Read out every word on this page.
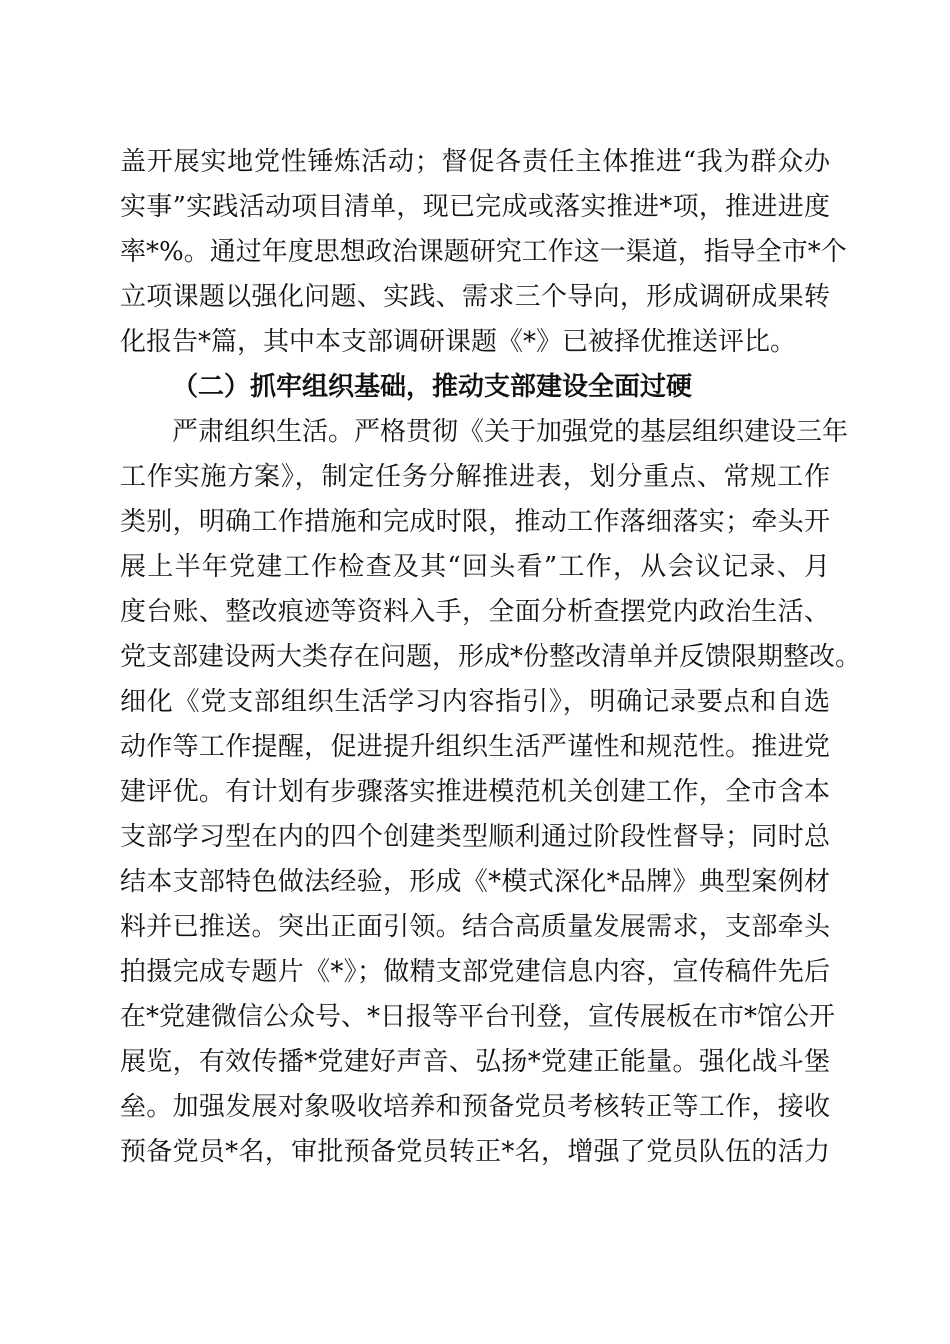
盖开展实地党性锤炼活动；督促各责任主体推进“我为群众办
实事”实践活动项目清单，现已完成或落实推进*项，推进进度
率*%。通过年度思想政治课题研究工作这一渠道，指导全市*个
立项课题以强化问题、实践、需求三个导向，形成调研成果转
化报告*篇，其中本支部调研课题《*》已被择优推送评比。
（二）抓牢组织基础，推动支部建设全面过硬
严肃组织生活。严格贯彻《关于加强党的基层组织建设三年
工作实施方案》，制定任务分解推进表，划分重点、常规工作
类别，明确工作措施和完成时限，推动工作落细落实；牵头开
展上半年党建工作检查及其“回头看”工作，从会议记录、月
度台账、整改痕迹等资料入手，全面分析查摆党内政治生活、
党支部建设两大类存在问题，形成*份整改清单并反馈限期整改。
细化《党支部组织生活学习内容指引》，明确记录要点和自选
动作等工作提醒，促进提升组织生活严谨性和规范性。推进党
建评优。有计划有步骤落实推进模范机关创建工作，全市含本
支部学习型在内的四个创建类型顺利通过阶段性督导；同时总
结本支部特色做法经验，形成《*模式深化*品牌》典型案例材
料并已推送。突出正面引领。结合高质量发展需求，支部牵头
拍摄完成专题片《*》；做精支部党建信息内容，宣传稿件先后
在*党建微信公众号、*日报等平台刊登，宣传展板在市*馆公开
展览，有效传播*党建好声音、弘扬*党建正能量。强化战斗堡
垒。加强发展对象吸收培养和预备党员考核转正等工作，接收
预备党员*名，审批预备党员转正*名，增强了党员队伍的活力
